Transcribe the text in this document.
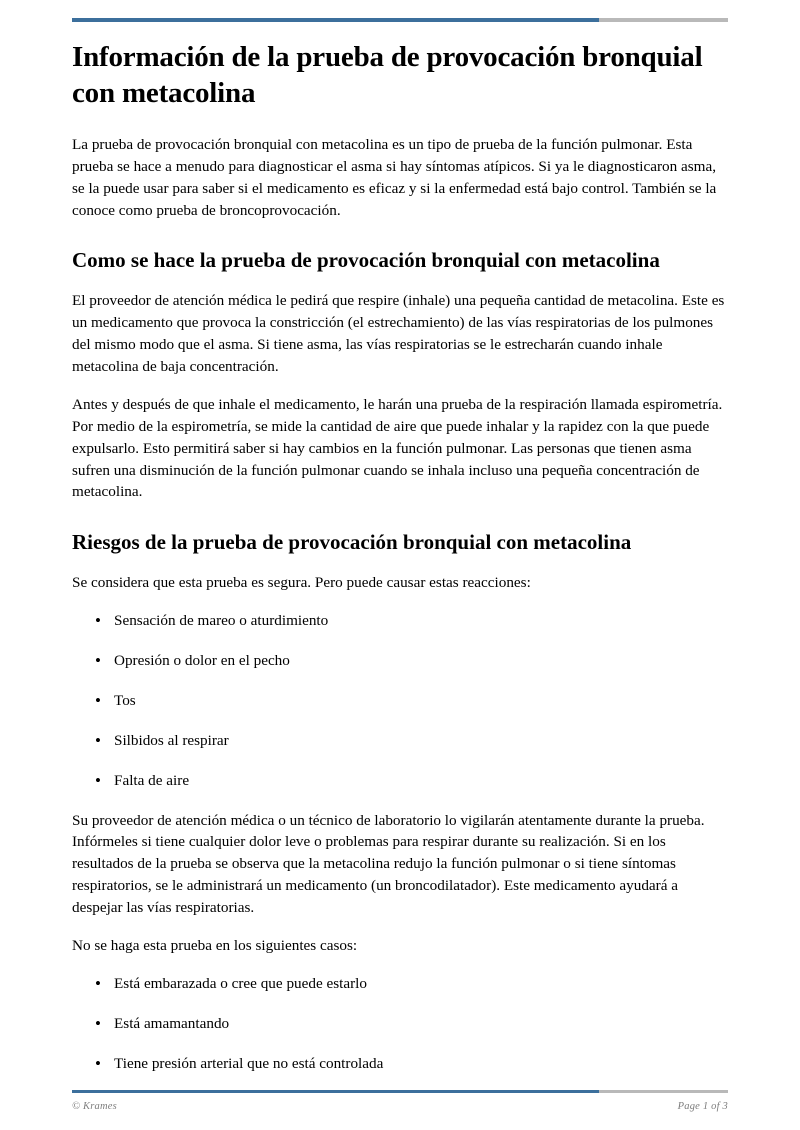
Información de la prueba de provocación bronquial con metacolina

La prueba de provocación bronquial con metacolina es un tipo de prueba de la función pulmonar. Esta prueba se hace a menudo para diagnosticar el asma si hay síntomas atípicos. Si ya le diagnosticaron asma, se la puede usar para saber si el medicamento es eficaz y si la enfermedad está bajo control. También se la conoce como prueba de broncoprovocación.

Como se hace la prueba de provocación bronquial con metacolina

El proveedor de atención médica le pedirá que respire (inhale) una pequeña cantidad de metacolina. Este es un medicamento que provoca la constricción (el estrechamiento) de las vías respiratorias de los pulmones del mismo modo que el asma. Si tiene asma, las vías respiratorias se le estrecharán cuando inhale metacolina de baja concentración.

Antes y después de que inhale el medicamento, le harán una prueba de la respiración llamada espirometría. Por medio de la espirometría, se mide la cantidad de aire que puede inhalar y la rapidez con la que puede expulsarlo. Esto permitirá saber si hay cambios en la función pulmonar. Las personas que tienen asma sufren una disminución de la función pulmonar cuando se inhala incluso una pequeña concentración de metacolina.

Riesgos de la prueba de provocación bronquial con metacolina

Se considera que esta prueba es segura. Pero puede causar estas reacciones:

• Sensación de mareo o aturdimiento
• Opresión o dolor en el pecho
• Tos
• Silbidos al respirar
• Falta de aire

Su proveedor de atención médica o un técnico de laboratorio lo vigilarán atentamente durante la prueba. Infórmeles si tiene cualquier dolor leve o problemas para respirar durante su realización. Si en los resultados de la prueba se observa que la metacolina redujo la función pulmonar o si tiene síntomas respiratorios, se le administrará un medicamento (un broncodilatador). Este medicamento ayudará a despejar las vías respiratorias.

No se haga esta prueba en los siguientes casos:

• Está embarazada o cree que puede estarlo
• Está amamantando
• Tiene presión arterial que no está controlada
© Krames	Page 1 of 3
